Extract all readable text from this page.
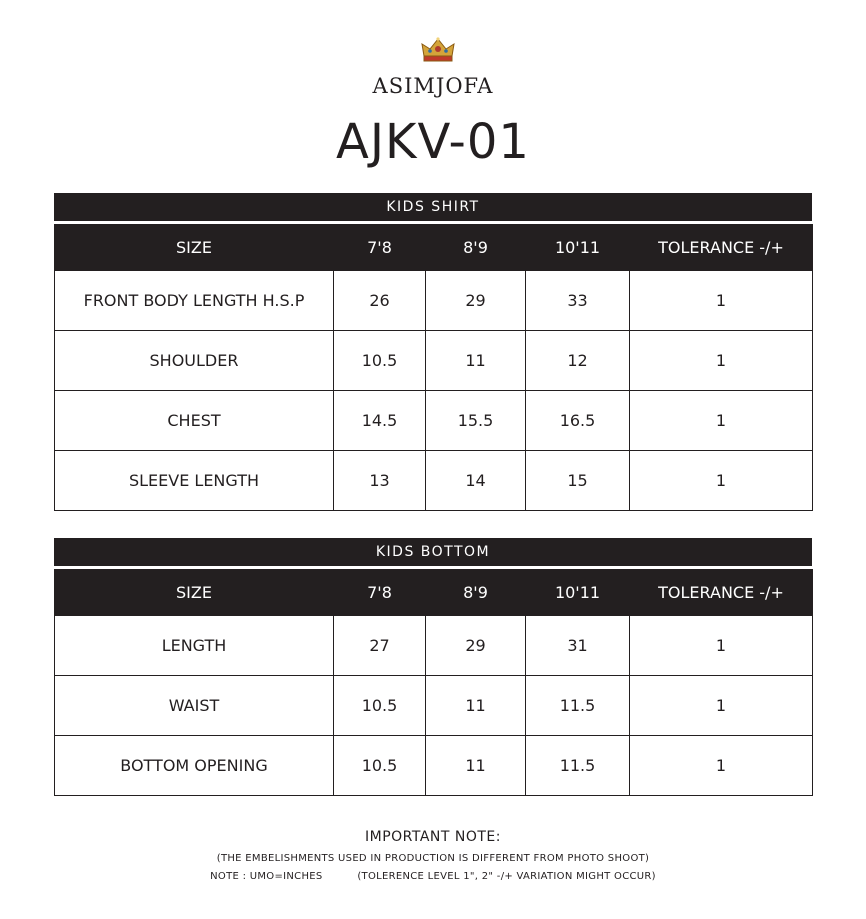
ASIMJOFA
AJKV-01
KIDS SHIRT
SIZE	7'8	8'9	10'11	TOLERANCE -/+
FRONT BODY LENGTH H.S.P	26	29	33	1
SHOULDER	10.5	11	12	1
CHEST	14.5	15.5	16.5	1
SLEEVE LENGTH	13	14	15	1
KIDS BOTTOM
SIZE	7'8	8'9	10'11	TOLERANCE -/+
LENGTH	27	29	31	1
WAIST	10.5	11	11.5	1
BOTTOM OPENING	10.5	11	11.5	1
IMPORTANT NOTE:
(THE EMBELISHMENTS USED IN PRODUCTION IS DIFFERENT FROM PHOTO SHOOT)
NOTE : UMO=INCHES	(TOLERENCE LEVEL 1", 2" -/+ VARIATION MIGHT OCCUR)
